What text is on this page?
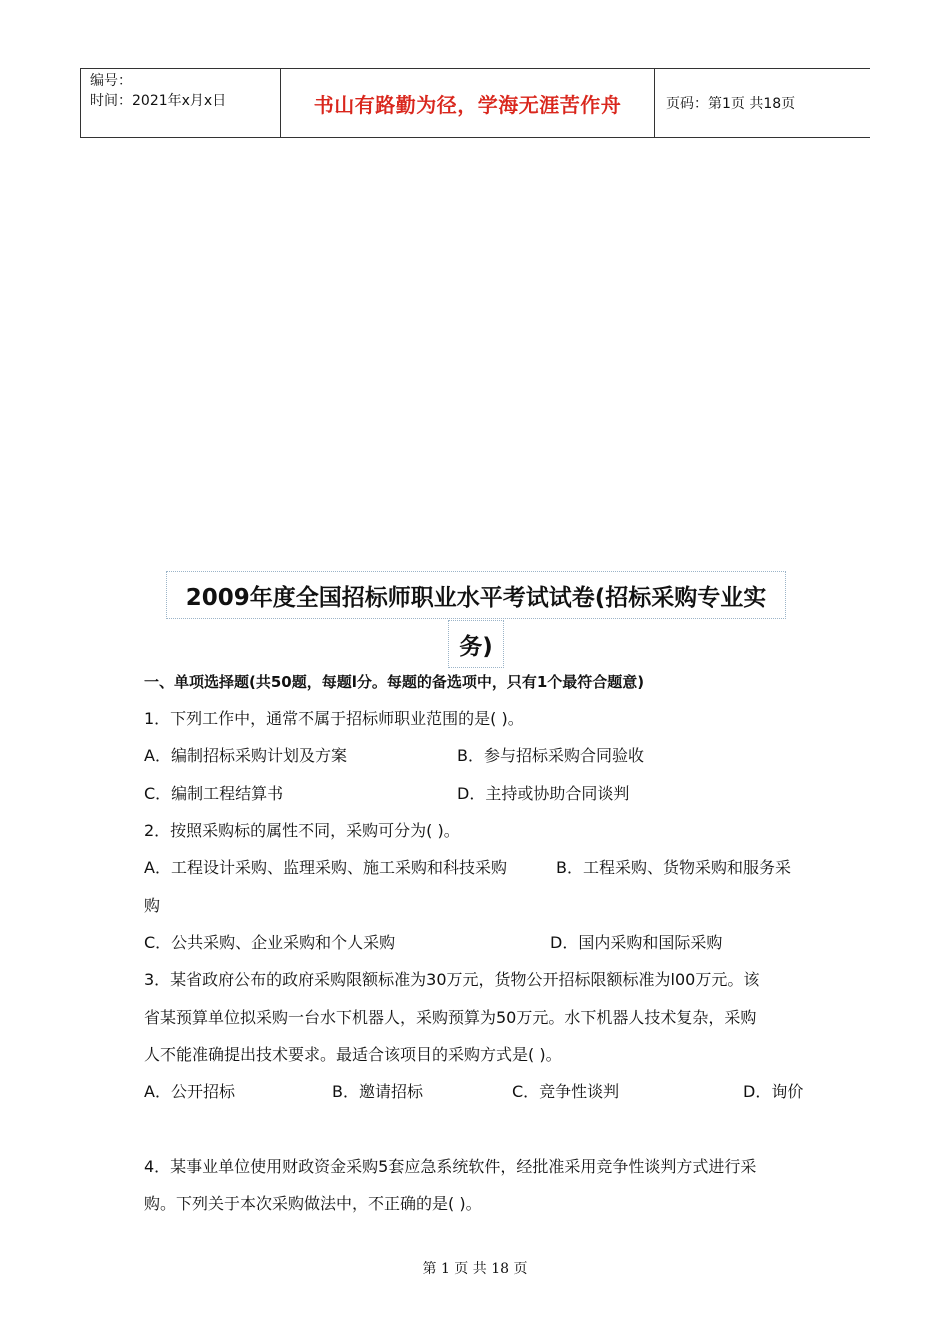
编号：
时间：2021年x月x日	书山有路勤为径，学海无涯苦作舟	页码：第1页 共18页
2009年度全国招标师职业水平考试试卷(招标采购专业实
务)
一、单项选择题(共50题，每题l分。每题的备选项中，只有1个最符合题意)
1．下列工作中，通常不属于招标师职业范围的是( )。
A．编制招标采购计划及方案	B．参与招标采购合同验收
C．编制工程结算书	D．主持或协助合同谈判
2．按照采购标的属性不同，采购可分为( )。
A．工程设计采购、监理采购、施工采购和科技采购	B．工程采购、货物采购和服务采
购
C．公共采购、企业采购和个人采购	D．国内采购和国际采购
3．某省政府公布的政府采购限额标准为30万元，货物公开招标限额标准为l00万元。该
省某预算单位拟采购一台水下机器人，采购预算为50万元。水下机器人技术复杂，采购
人不能准确提出技术要求。最适合该项目的采购方式是( )。
A．公开招标	B．邀请招标	C．竞争性谈判	D．询价
4．某事业单位使用财政资金采购5套应急系统软件，经批准采用竞争性谈判方式进行采
购。下列关于本次采购做法中，不正确的是( )。
第 1 页 共 18 页
